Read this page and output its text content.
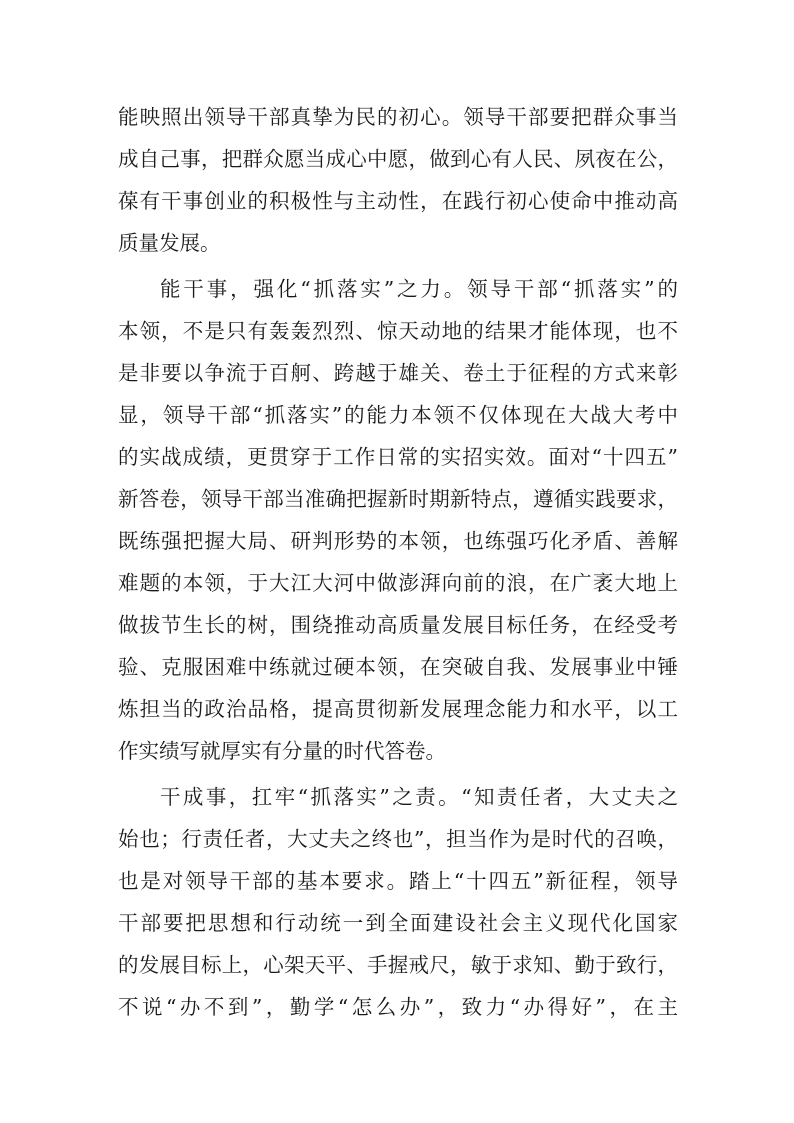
能映照出领导干部真挚为民的初心。领导干部要把群众事当
成自己事，把群众愿当成心中愿，做到心有人民、夙夜在公，
葆有干事创业的积极性与主动性，在践行初心使命中推动高
质量发展。
能干事，强化“抓落实”之力。领导干部“抓落实”的
本领，不是只有轰轰烈烈、惊天动地的结果才能体现，也不
是非要以争流于百舸、跨越于雄关、卷土于征程的方式来彰
显，领导干部“抓落实”的能力本领不仅体现在大战大考中
的实战成绩，更贯穿于工作日常的实招实效。面对“十四五”
新答卷，领导干部当准确把握新时期新特点，遵循实践要求，
既练强把握大局、研判形势的本领，也练强巧化矛盾、善解
难题的本领，于大江大河中做澎湃向前的浪，在广袤大地上
做拔节生长的树，围绕推动高质量发展目标任务，在经受考
验、克服困难中练就过硬本领，在突破自我、发展事业中锤
炼担当的政治品格，提高贯彻新发展理念能力和水平，以工
作实绩写就厚实有分量的时代答卷。
干成事，扛牢“抓落实”之责。“知责任者，大丈夫之
始也；行责任者，大丈夫之终也”，担当作为是时代的召唤，
也是对领导干部的基本要求。踏上“十四五”新征程，领导
干部要把思想和行动统一到全面建设社会主义现代化国家
的发展目标上，心架天平、手握戒尺，敏于求知、勤于致行，
不说“办不到”，勤学“怎么办”，致力“办得好”，在主
